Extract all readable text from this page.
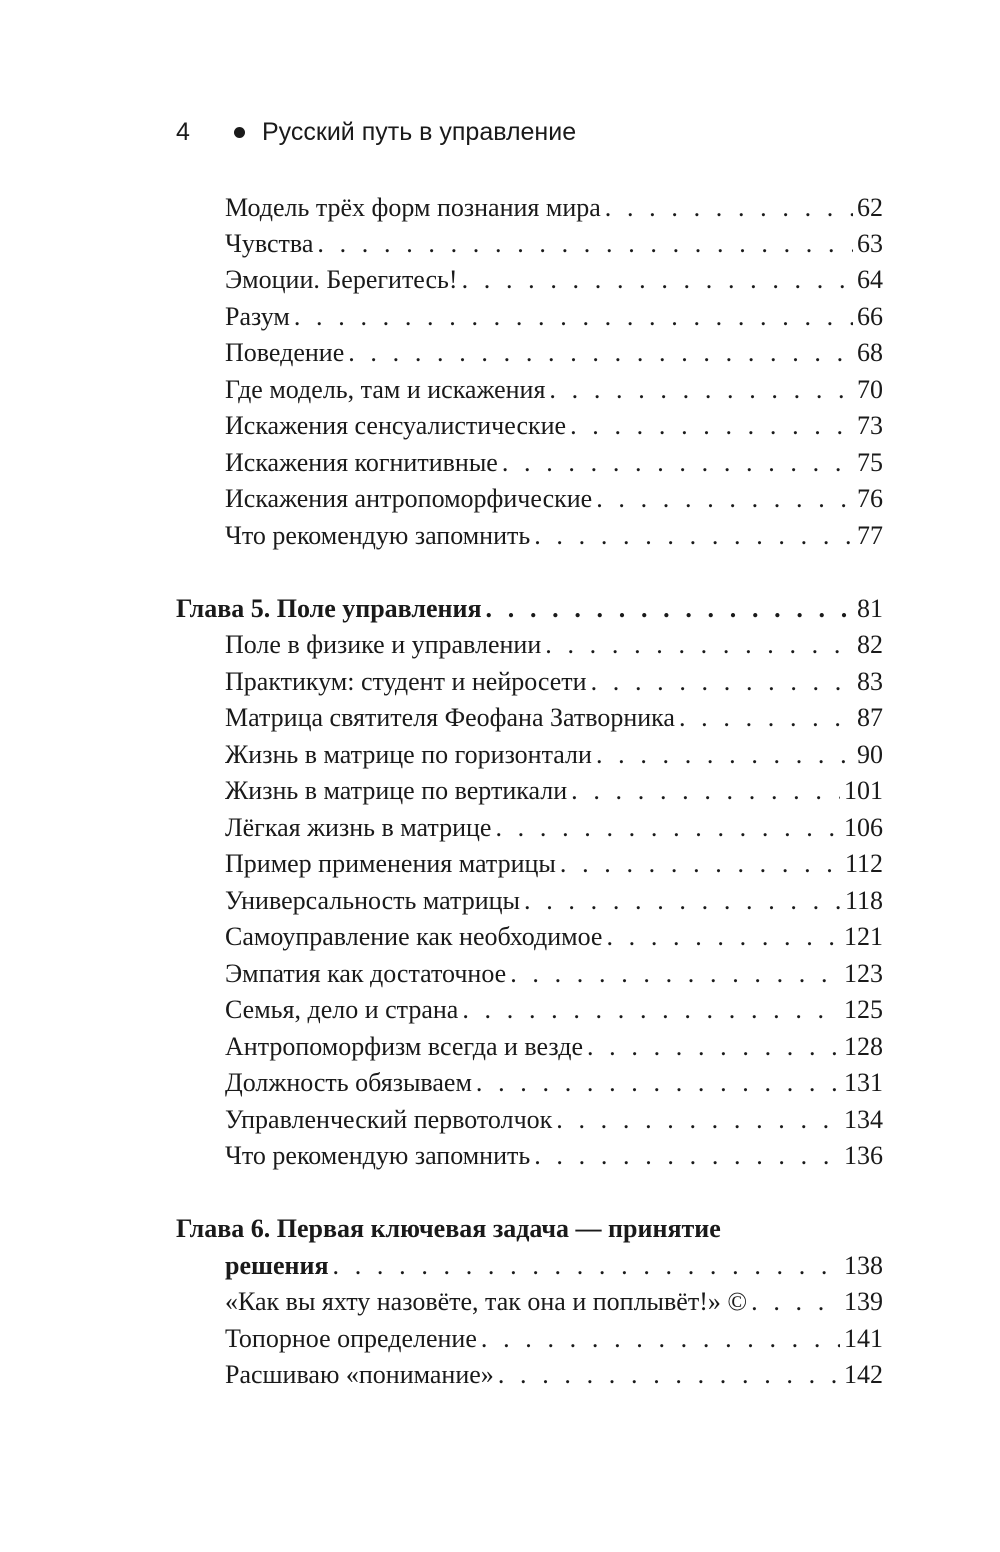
4	Русский путь в управление
Модель трёх форм познания мира . . .	62
Чувства . . .	63
Эмоции. Берегитесь! . . .	64
Разум . . .	66
Поведение . . .	68
Где модель, там и искажения . . .	70
Искажения сенсуалистические . . .	73
Искажения когнитивные . . .	75
Искажения антропоморфические . . .	76
Что рекомендую запомнить . . .	77
Глава 5. Поле управления . . .	81
Поле в физике и управлении . . .	82
Практикум: студент и нейросети . . .	83
Матрица святителя Феофана Затворника . . .	87
Жизнь в матрице по горизонтали . . .	90
Жизнь в матрице по вертикали . . .	101
Лёгкая жизнь в матрице . . .	106
Пример применения матрицы . . .	112
Универсальность матрицы . . .	118
Самоуправление как необходимое . . .	121
Эмпатия как достаточное . . .	123
Семья, дело и страна . . .	125
Антропоморфизм всегда и везде . . .	128
Должность обязываем . . .	131
Управленческий первотолчок . . .	134
Что рекомендую запомнить . . .	136
Глава 6. Первая ключевая задача — принятие
решения . . .	138
«Как вы яхту назовёте, так она и поплывёт!» © . . .	139
Топорное определение . . .	141
Расшиваю «понимание» . . .	142
